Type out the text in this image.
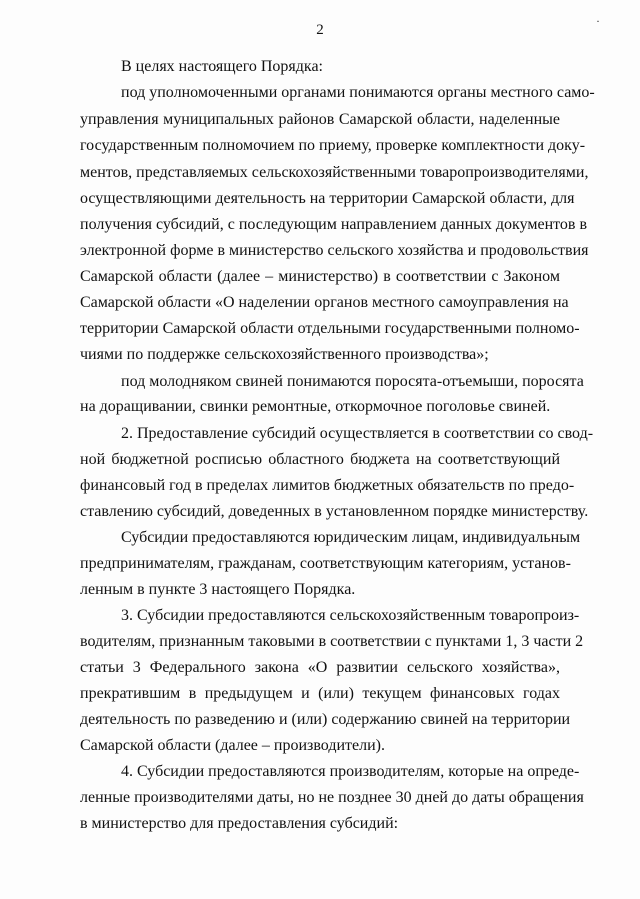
2
·
В целях настоящего Порядка:
под уполномоченными органами понимаются органы местного само-
управления муниципальных районов Самарской области, наделенные
государственным полномочием по приему, проверке комплектности доку-
ментов, представляемых сельскохозяйственными товаропроизводителями,
осуществляющими деятельность на территории Самарской области, для
получения субсидий, с последующим направлением данных документов в
электронной форме в министерство сельского хозяйства и продовольствия
Самарской области (далее – министерство) в соответствии с Законом
Самарской области «О наделении органов местного самоуправления на
территории Самарской области отдельными государственными полномо-
чиями по поддержке сельскохозяйственного производства»;
под молодняком свиней понимаются поросята-отъемыши, поросята
на доращивании, свинки ремонтные, откормочное поголовье свиней.
2. Предоставление субсидий осуществляется в соответствии со свод-
ной бюджетной росписью областного бюджета на соответствующий
финансовый год в пределах лимитов бюджетных обязательств по предо-
ставлению субсидий, доведенных в установленном порядке министерству.
Субсидии предоставляются юридическим лицам, индивидуальным
предпринимателям, гражданам, соответствующим категориям, установ-
ленным в пункте 3 настоящего Порядка.
3. Субсидии предоставляются сельскохозяйственным товаропроиз-
водителям, признанным таковыми в соответствии с пунктами 1, 3 части 2
статьи 3 Федерального закона «О развитии сельского хозяйства»,
прекратившим в предыдущем и (или) текущем финансовых годах
деятельность по разведению и (или) содержанию свиней на территории
Самарской области (далее – производители).
4. Субсидии предоставляются производителям, которые на опреде-
ленные производителями даты, но не позднее 30 дней до даты обращения
в министерство для предоставления субсидий:
